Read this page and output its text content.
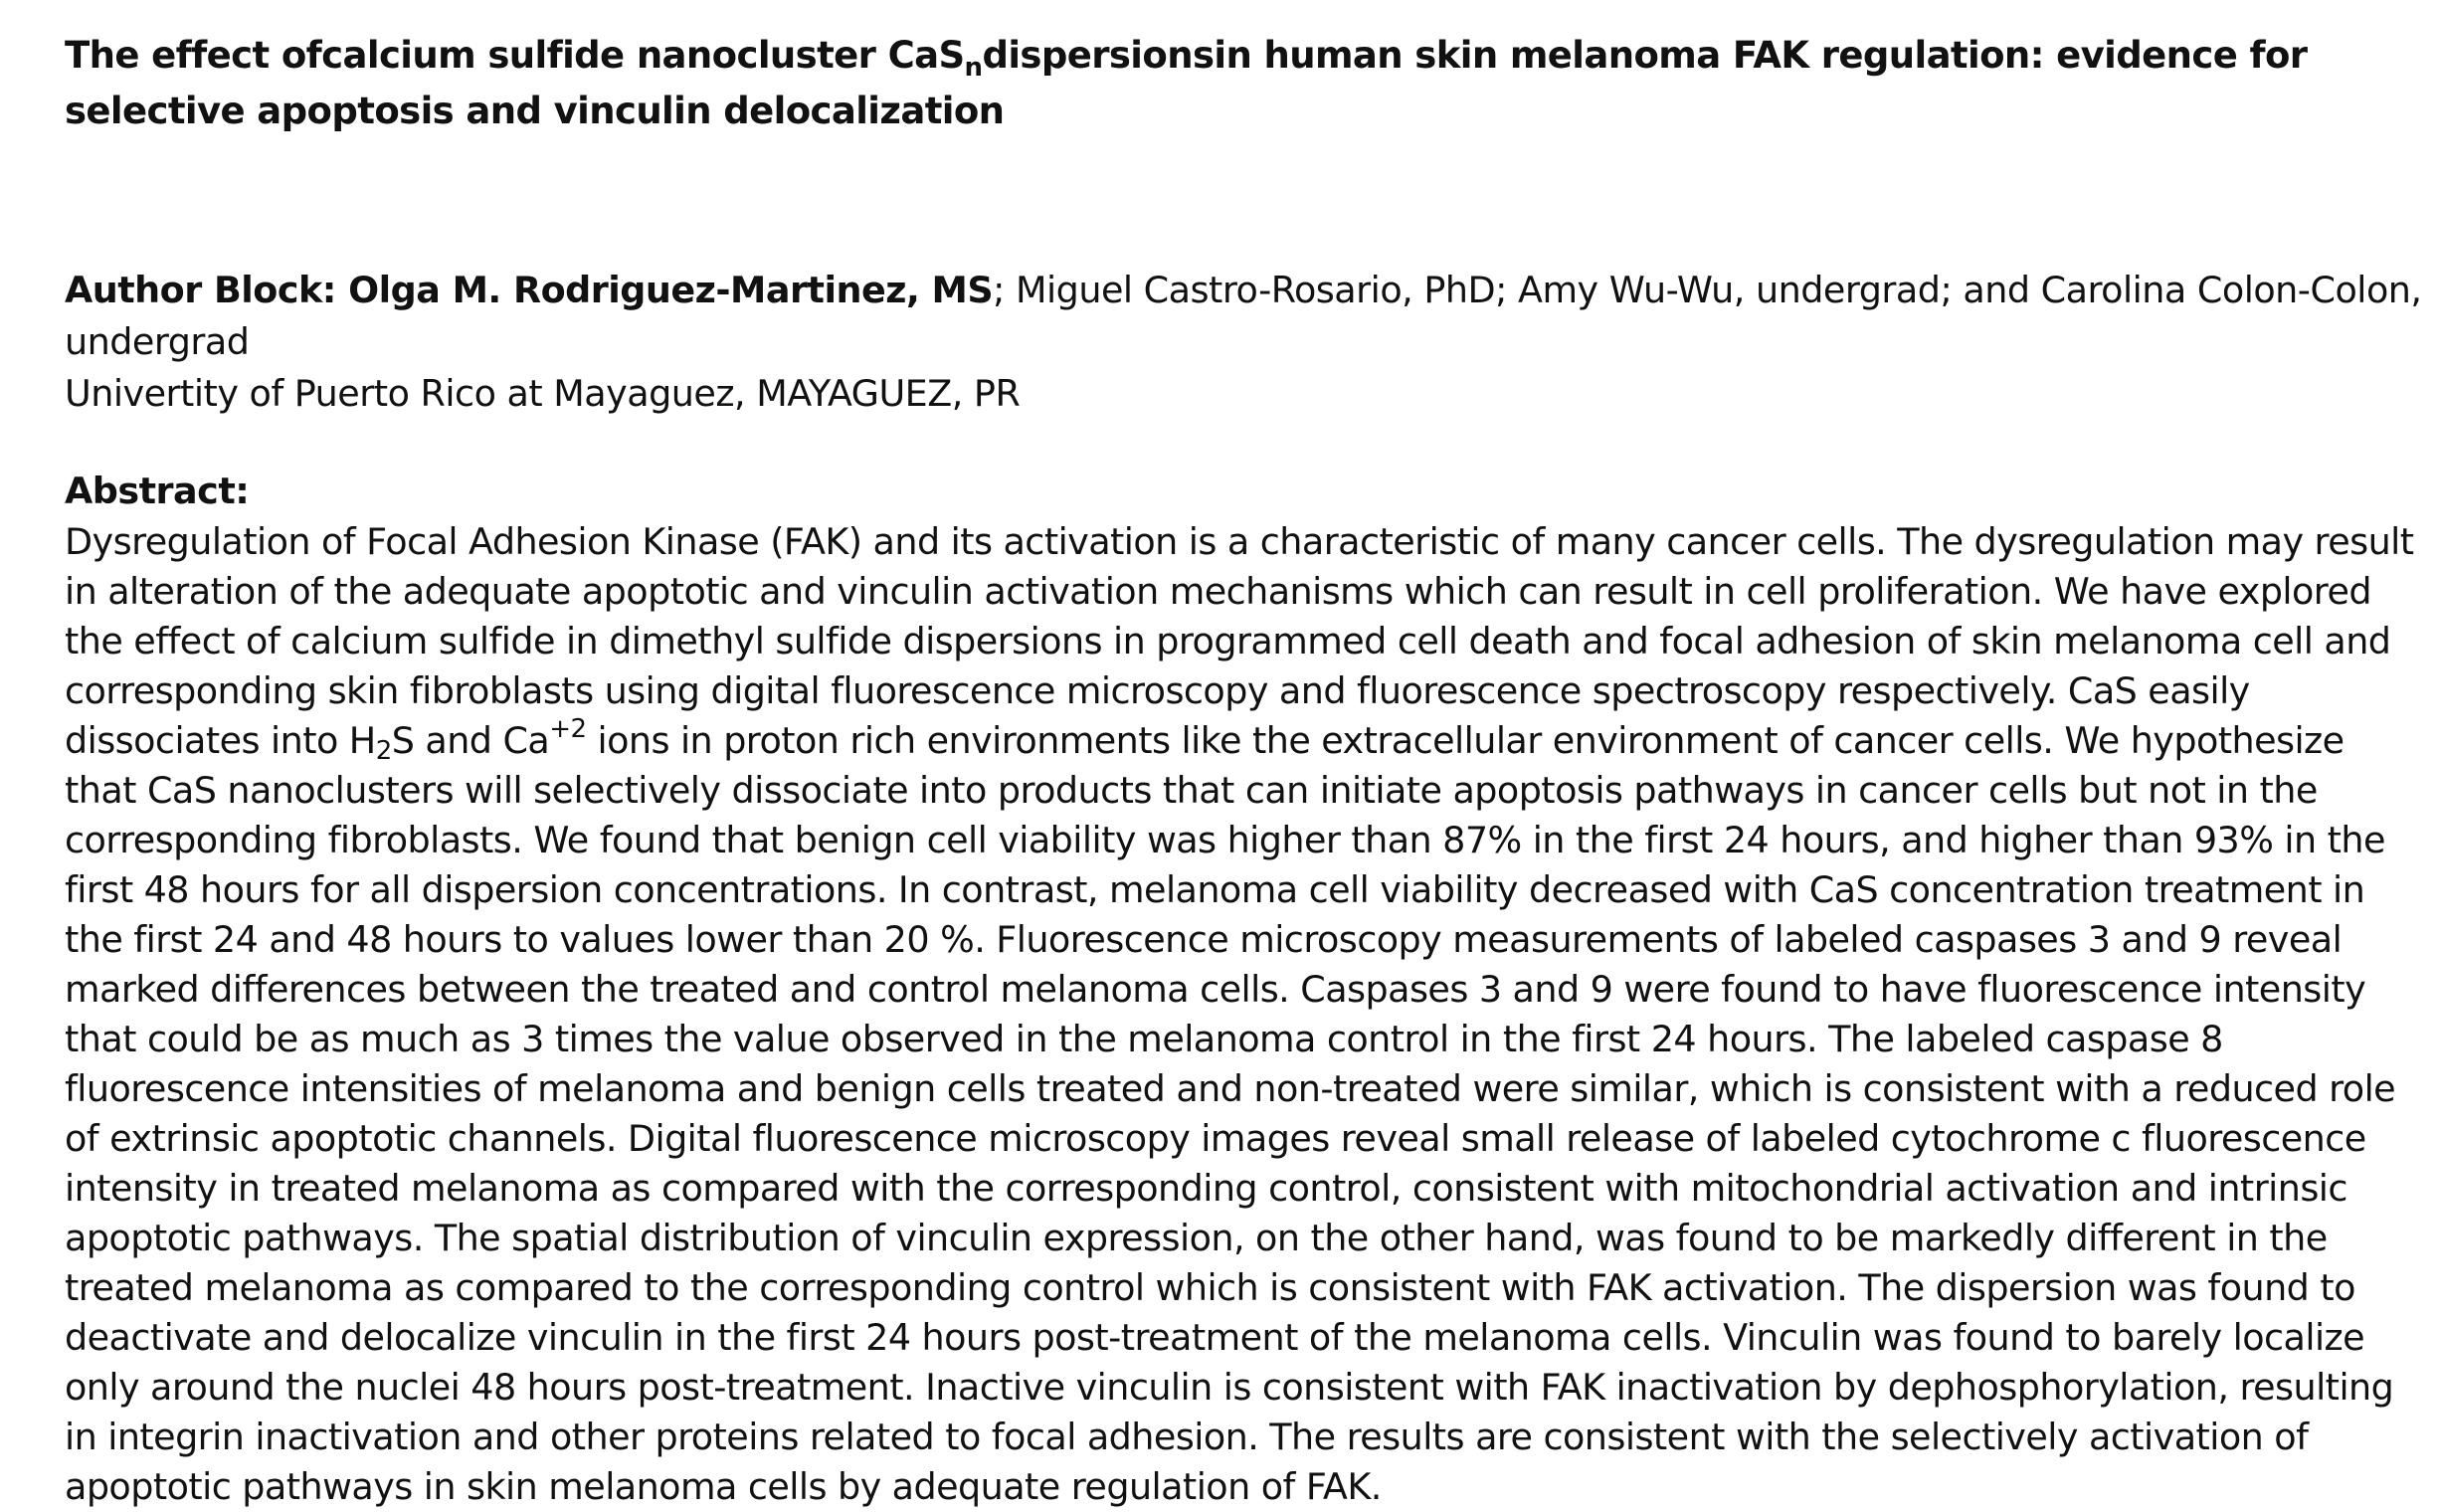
The effect ofcalcium sulfide nanocluster CaS$_n$dispersionsin human skin melanoma FAK regulation: evidence for selective apoptosis and vinculin delocalization
Author Block: Olga M. Rodriguez-Martinez, MS; Miguel Castro-Rosario, PhD; Amy Wu-Wu, undergrad; and Carolina Colon-Colon, undergrad
Univertity of Puerto Rico at Mayaguez, MAYAGUEZ, PR
Abstract:

Dysregulation of Focal Adhesion Kinase (FAK) and its activation is a characteristic of many cancer cells. The dysregulation may result in alteration of the adequate apoptotic and vinculin activation mechanisms which can result in cell proliferation. We have explored the effect of calcium sulfide in dimethyl sulfide dispersions in programmed cell death and focal adhesion of skin melanoma cell and corresponding skin fibroblasts using digital fluorescence microscopy and fluorescence spectroscopy respectively. CaS easily dissociates into $H_2S$ and $Ca^{+2}$ ions in proton rich environments like the extracellular environment of cancer cells. We hypothesize that CaS nanoclusters will selectively dissociate into products that can initiate apoptosis pathways in cancer cells but not in the corresponding fibroblasts. We found that benign cell viability was higher than 87% in the first 24 hours, and higher than 93% in the first 48 hours for all dispersion concentrations. In contrast, melanoma cell viability decreased with CaS concentration treatment in the first 24 and 48 hours to values lower than 20 %. Fluorescence microscopy measurements of labeled caspases 3 and 9 reveal marked differences between the treated and control melanoma cells. Caspases 3 and 9 were found to have fluorescence intensity that could be as much as 3 times the value observed in the melanoma control in the first 24 hours. The labeled caspase 8 fluorescence intensities of melanoma and benign cells treated and non-treated were similar, which is consistent with a reduced role of extrinsic apoptotic channels. Digital fluorescence microscopy images reveal small release of labeled cytochrome c fluorescence intensity in treated melanoma as compared with the corresponding control, consistent with mitochondrial activation and intrinsic apoptotic pathways. The spatial distribution of vinculin expression, on the other hand, was found to be markedly different in the treated melanoma as compared to the corresponding control which is consistent with FAK activation. The dispersion was found to deactivate and delocalize vinculin in the first 24 hours post-treatment of the melanoma cells. Vinculin was found to barely localize only around the nuclei 48 hours post-treatment. Inactive vinculin is consistent with FAK inactivation by dephosphorylation, resulting in integrin inactivation and other proteins related to focal adhesion. The results are consistent with the selectively activation of apoptotic pathways in skin melanoma cells by adequate regulation of FAK.
